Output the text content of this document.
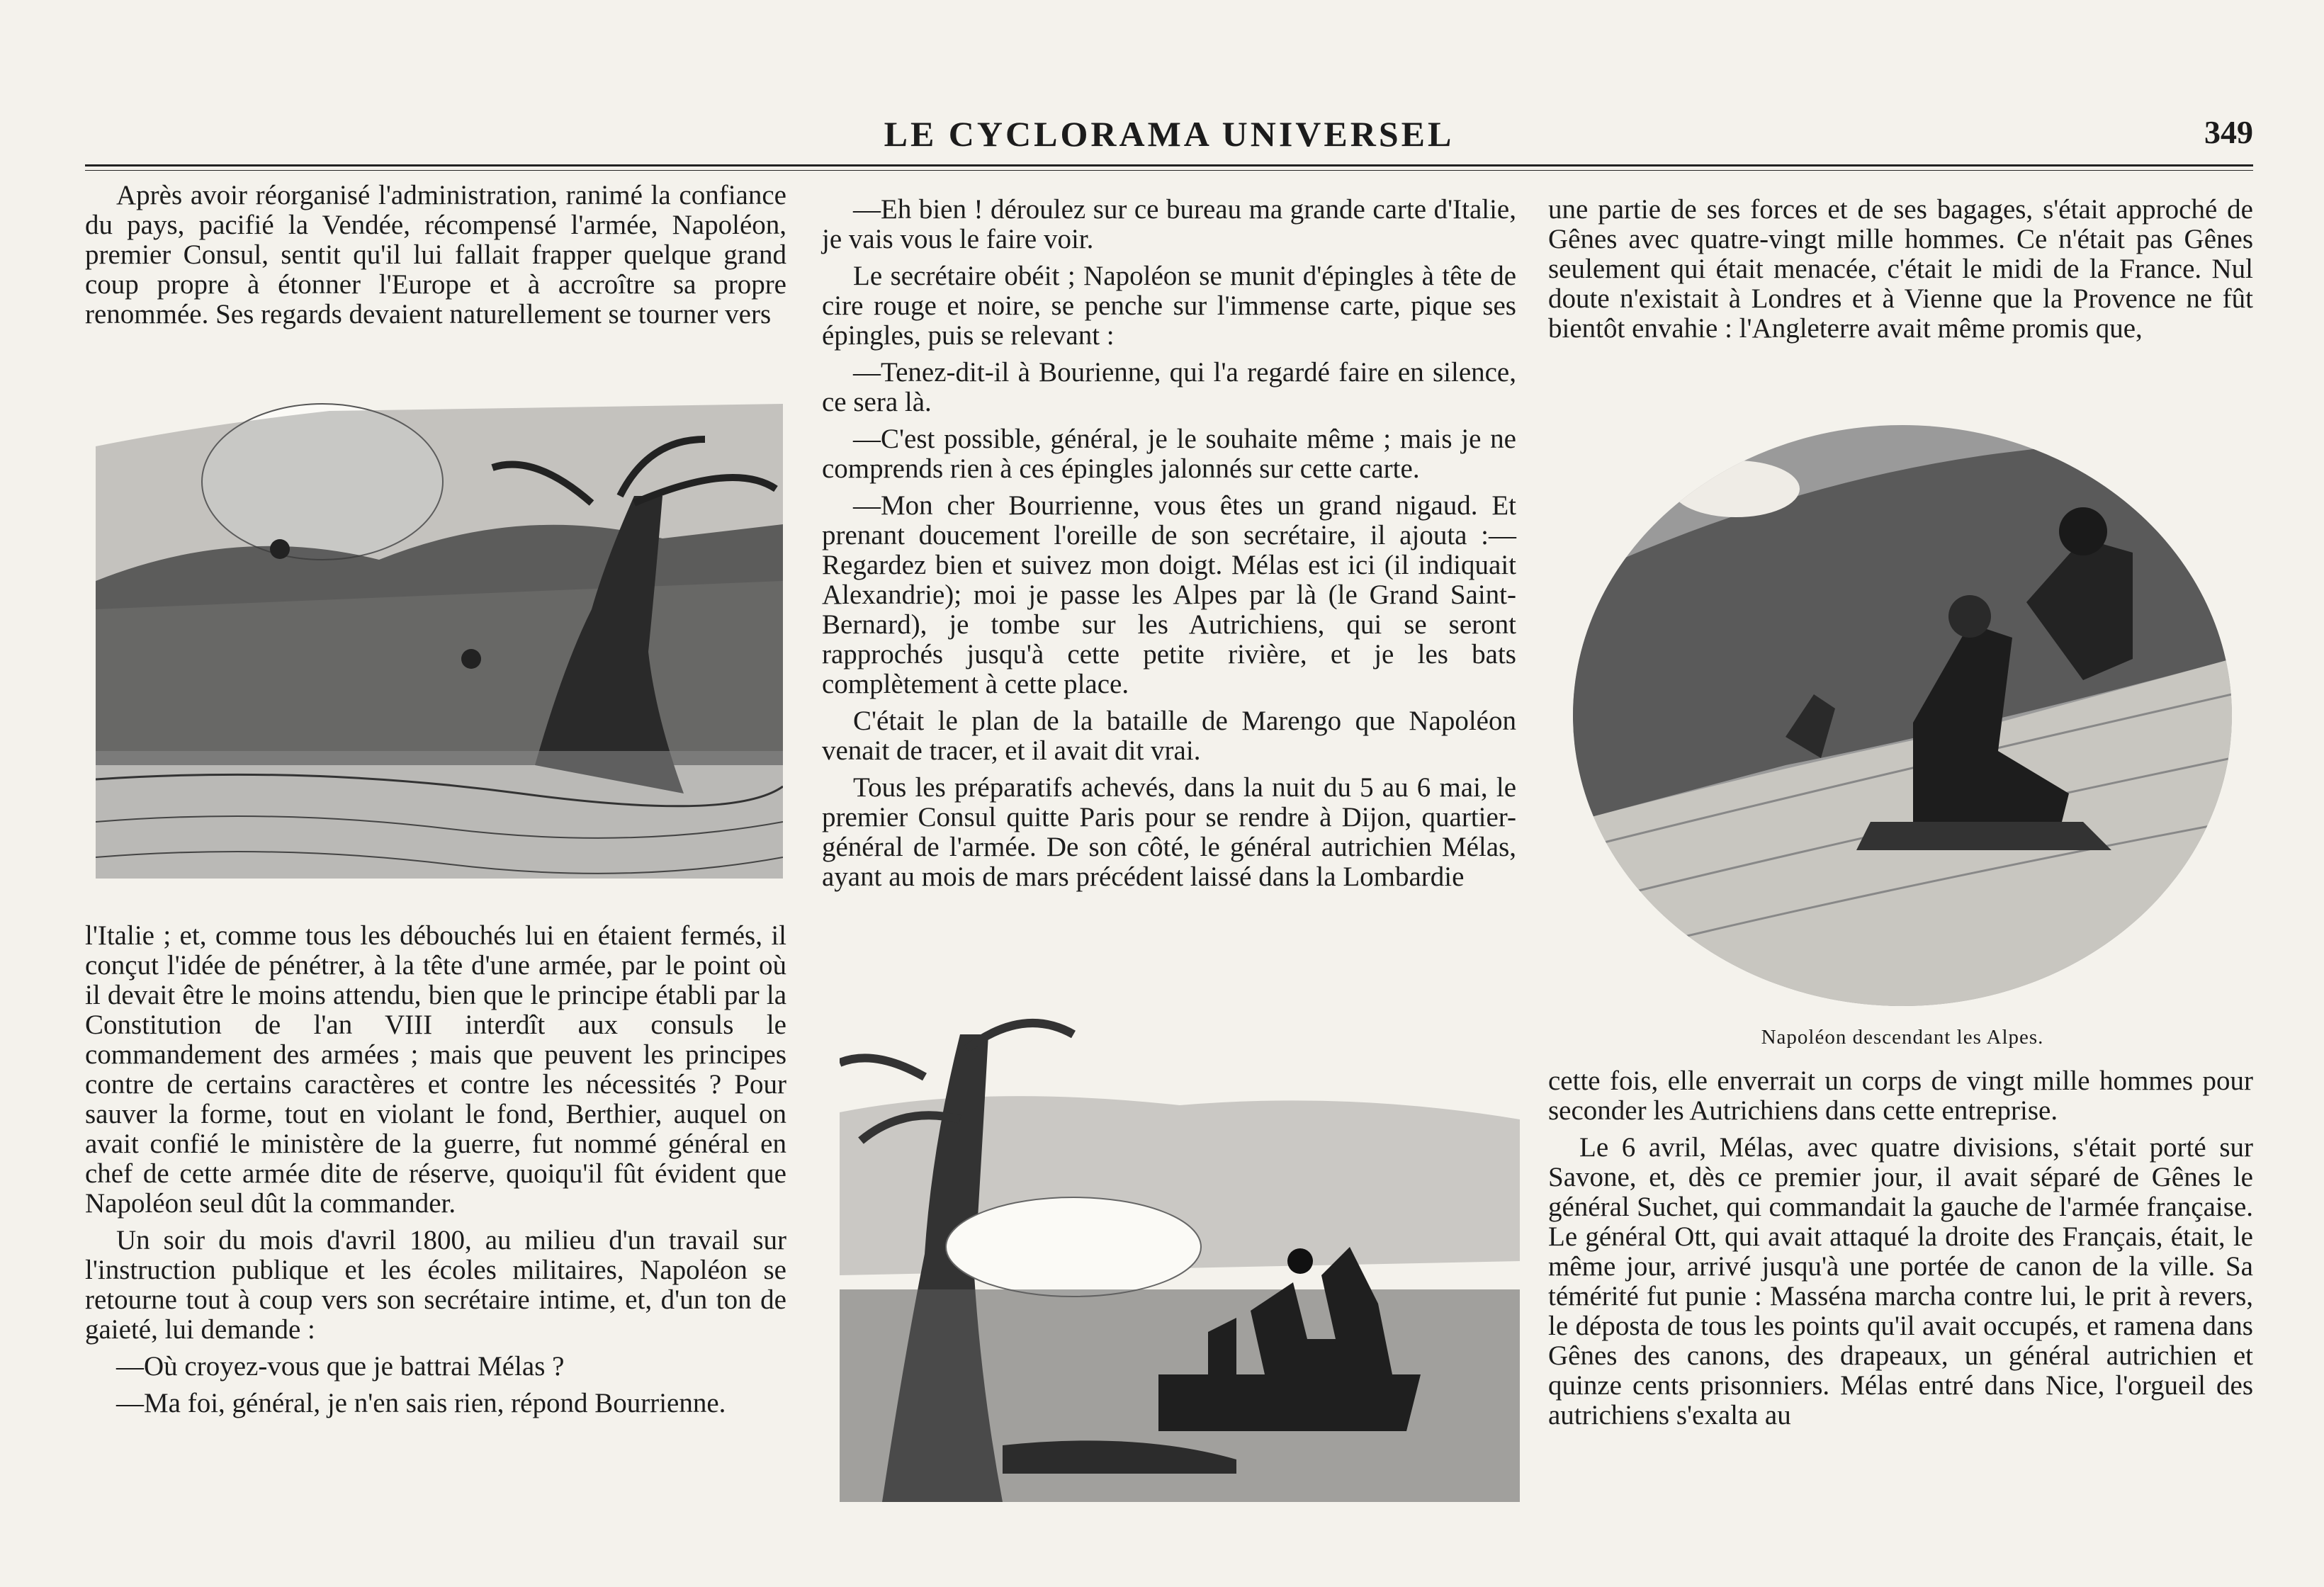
LE CYCLORAMA UNIVERSEL	349

Après avoir réorganisé l'administration, ranimé la confiance du pays, pacifié la Vendée, récompensé l'armée, Napoléon, premier Consul, sentit qu'il lui fallait frapper quelque grand coup propre à étonner l'Europe et à accroître sa propre renommée. Ses regards devaient naturellement se tourner vers

l'Italie ; et, comme tous les débouchés lui en étaient fermés, il conçut l'idée de pénétrer, à la tête d'une armée, par le point où il devait être le moins attendu, bien que le principe établi par la Constitution de l'an VIII interdît aux consuls le commandement des armées ; mais que peuvent les principes contre de certains caractères et contre les nécessités ? Pour sauver la forme, tout en violant le fond, Berthier, auquel on avait confié le ministère de la guerre, fut nommé général en chef de cette armée dite de réserve, quoiqu'il fût évident que Napoléon seul dût la commander.

Un soir du mois d'avril 1800, au milieu d'un travail sur l'instruction publique et les écoles militaires, Napoléon se retourne tout à coup vers son secrétaire intime, et, d'un ton de gaieté, lui demande :

—Où croyez-vous que je battrai Mélas ?

—Ma foi, général, je n'en sais rien, répond Bourrienne.

—Eh bien ! déroulez sur ce bureau ma grande carte d'Italie, je vais vous le faire voir.

Le secrétaire obéit ; Napoléon se munit d'épingles à tête de cire rouge et noire, se penche sur l'immense carte, pique ses épingles, puis se relevant :

—Tenez-dit-il à Bourienne, qui l'a regardé faire en silence, ce sera là.

—C'est possible, général, je le souhaite même ; mais je ne comprends rien à ces épingles jalonnés sur cette carte.

—Mon cher Bourrienne, vous êtes un grand nigaud. Et prenant doucement l'oreille de son secrétaire, il ajouta :—Regardez bien et suivez mon doigt. Mélas est ici (il indiquait Alexandrie); moi je passe les Alpes par là (le Grand Saint-Bernard), je tombe sur les Autrichiens, qui se seront rapprochés jusqu'à cette petite rivière, et je les bats complètement à cette place.

C'était le plan de la bataille de Marengo que Napoléon venait de tracer, et il avait dit vrai.

Tous les préparatifs achevés, dans la nuit du 5 au 6 mai, le premier Consul quitte Paris pour se rendre à Dijon, quartier-général de l'armée. De son côté, le général autrichien Mélas, ayant au mois de mars précédent laissé dans la Lombardie

une partie de ses forces et de ses bagages, s'était approché de Gênes avec quatre-vingt mille hommes. Ce n'était pas Gênes seulement qui était menacée, c'était le midi de la France. Nul doute n'existait à Londres et à Vienne que la Provence ne fût bientôt envahie : l'Angleterre avait même promis que,

Napoléon descendant les Alpes.

cette fois, elle enverrait un corps de vingt mille hommes pour seconder les Autrichiens dans cette entreprise.

Le 6 avril, Mélas, avec quatre divisions, s'était porté sur Savone, et, dès ce premier jour, il avait séparé de Gênes le général Suchet, qui commandait la gauche de l'armée française. Le général Ott, qui avait attaqué la droite des Français, était, le même jour, arrivé jusqu'à une portée de canon de la ville. Sa témérité fut punie : Masséna marcha contre lui, le prit à revers, le déposta de tous les points qu'il avait occupés, et ramena dans Gênes des canons, des drapeaux, un général autrichien et quinze cents prisonniers. Mélas entré dans Nice, l'orgueil des autrichiens s'exalta au
